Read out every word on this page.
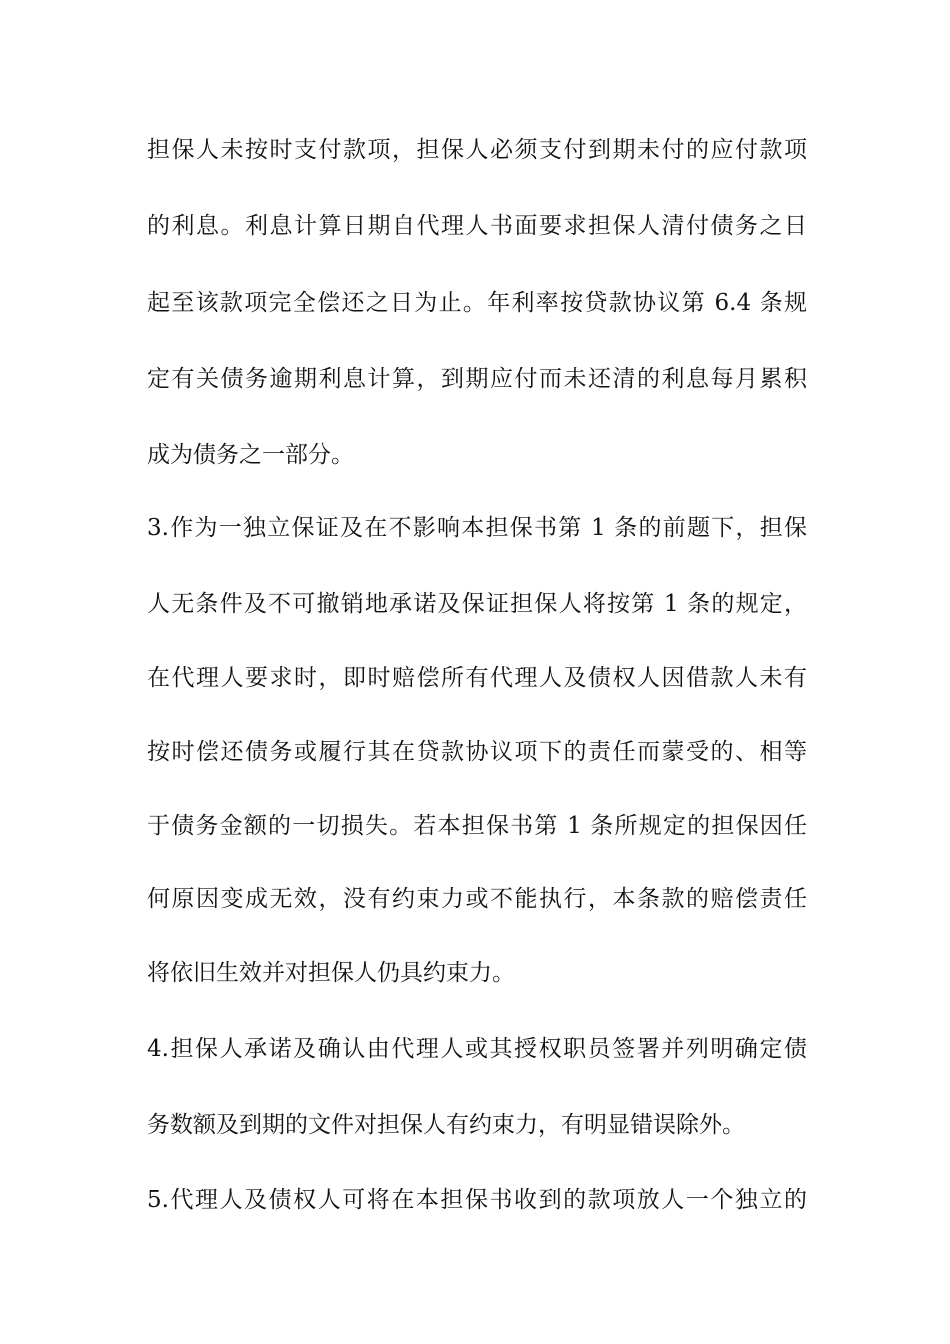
担保人未按时支付款项，担保人必须支付到期未付的应付款项
的利息。利息计算日期自代理人书面要求担保人清付债务之日
起至该款项完全偿还之日为止。年利率按贷款协议第 6.4 条规
定有关债务逾期利息计算，到期应付而未还清的利息每月累积
成为债务之一部分。
3.作为一独立保证及在不影响本担保书第 1 条的前题下，担保
人无条件及不可撤销地承诺及保证担保人将按第 1 条的规定，
在代理人要求时，即时赔偿所有代理人及债权人因借款人未有
按时偿还债务或履行其在贷款协议项下的责任而蒙受的、相等
于债务金额的一切损失。若本担保书第 1 条所规定的担保因任
何原因变成无效，没有约束力或不能执行，本条款的赔偿责任
将依旧生效并对担保人仍具约束力。
4.担保人承诺及确认由代理人或其授权职员签署并列明确定债
务数额及到期的文件对担保人有约束力，有明显错误除外。
5.代理人及债权人可将在本担保书收到的款项放人一个独立的
